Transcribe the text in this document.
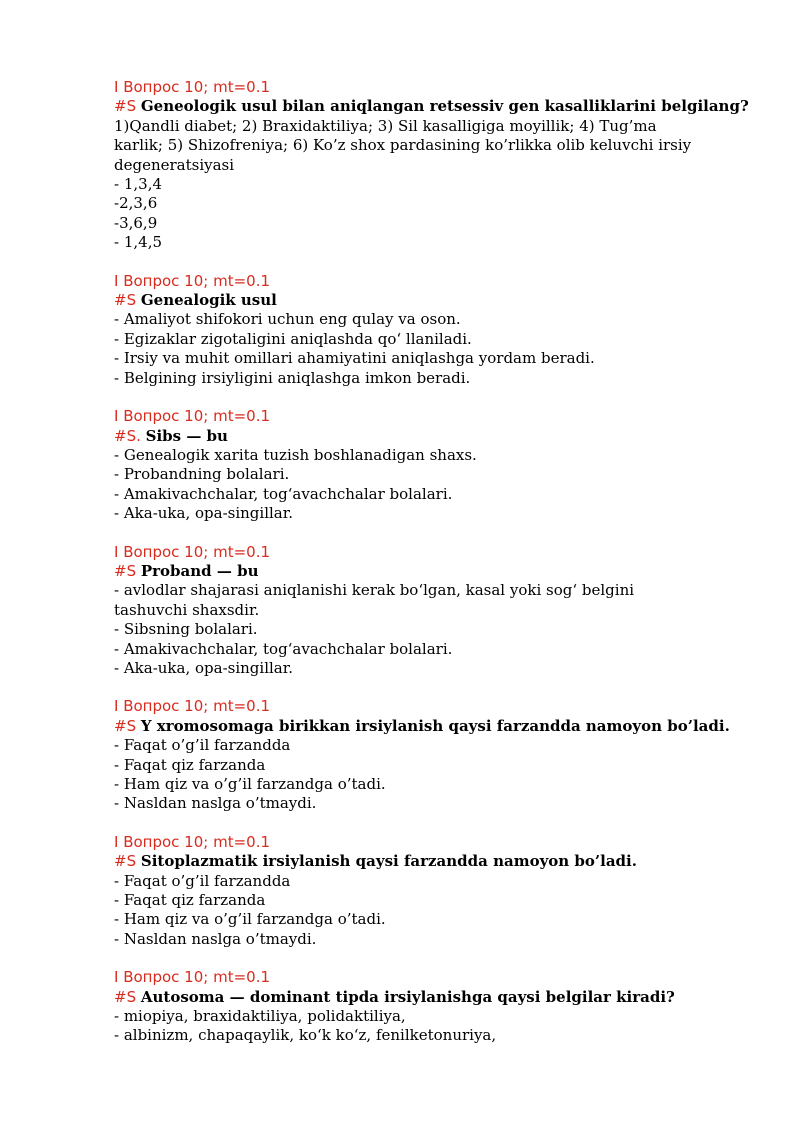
I Вопрос 10; mt=0.1
#S Geneologik usul bilan aniqlangan retsessiv gen kasalliklarini belgilang?
1)Qandli diabet; 2) Braxidaktiliya; 3) Sil kasalligiga moyillik; 4) Tug’ma
karlik; 5) Shizofreniya; 6) Ko’z shox pardasining ko’rlikka olib keluvchi irsiy
degeneratsiyasi
- 1,3,4
-2,3,6
-3,6,9
- 1,4,5
I Вопрос 10; mt=0.1
#S Genealogik usul
- Amaliyot shifokori uchun eng qulay va oson.
- Egizaklar zigotaligini aniqlashda qo‘ llaniladi.
- Irsiy va muhit omillari ahamiyatini aniqlashga yordam beradi.
- Belgining irsiyligini aniqlashga imkon beradi.
I Вопрос 10; mt=0.1
#S. Sibs — bu
- Genealogik xarita tuzish boshlanadigan shaxs.
- Probandning bolalari.
- Amakivachchalar, tog‘avachchalar bolalari.
- Aka-uka, opa-singillar.
I Вопрос 10; mt=0.1
#S Proband — bu
- avlodlar shajarasi aniqlanishi kerak bo‘lgan, kasal yoki sog‘ belgini
tashuvchi shaxsdir.
- Sibsning bolalari.
- Amakivachchalar, tog‘avachchalar bolalari.
- Aka-uka, opa-singillar.
I Вопрос 10; mt=0.1
#S Y xromosomaga birikkan irsiylanish qaysi farzandda namoyon bo’ladi.
- Faqat o’g’il farzandda
- Faqat qiz farzanda
- Ham qiz va o’g’il farzandga o’tadi.
- Nasldan naslga o’tmaydi.
I Вопрос 10; mt=0.1
#S Sitoplazmatik irsiylanish qaysi farzandda namoyon bo’ladi.
- Faqat o’g’il farzandda
- Faqat qiz farzanda
- Ham qiz va o’g’il farzandga o’tadi.
- Nasldan naslga o’tmaydi.
I Вопрос 10; mt=0.1
#S Autosoma — dominant tipda irsiylanishga qaysi belgilar kiradi?
- miopiya, braxidaktiliya, polidaktiliya,
- albinizm, chapaqaylik, ko‘k ko‘z, fenilketonuriya,
